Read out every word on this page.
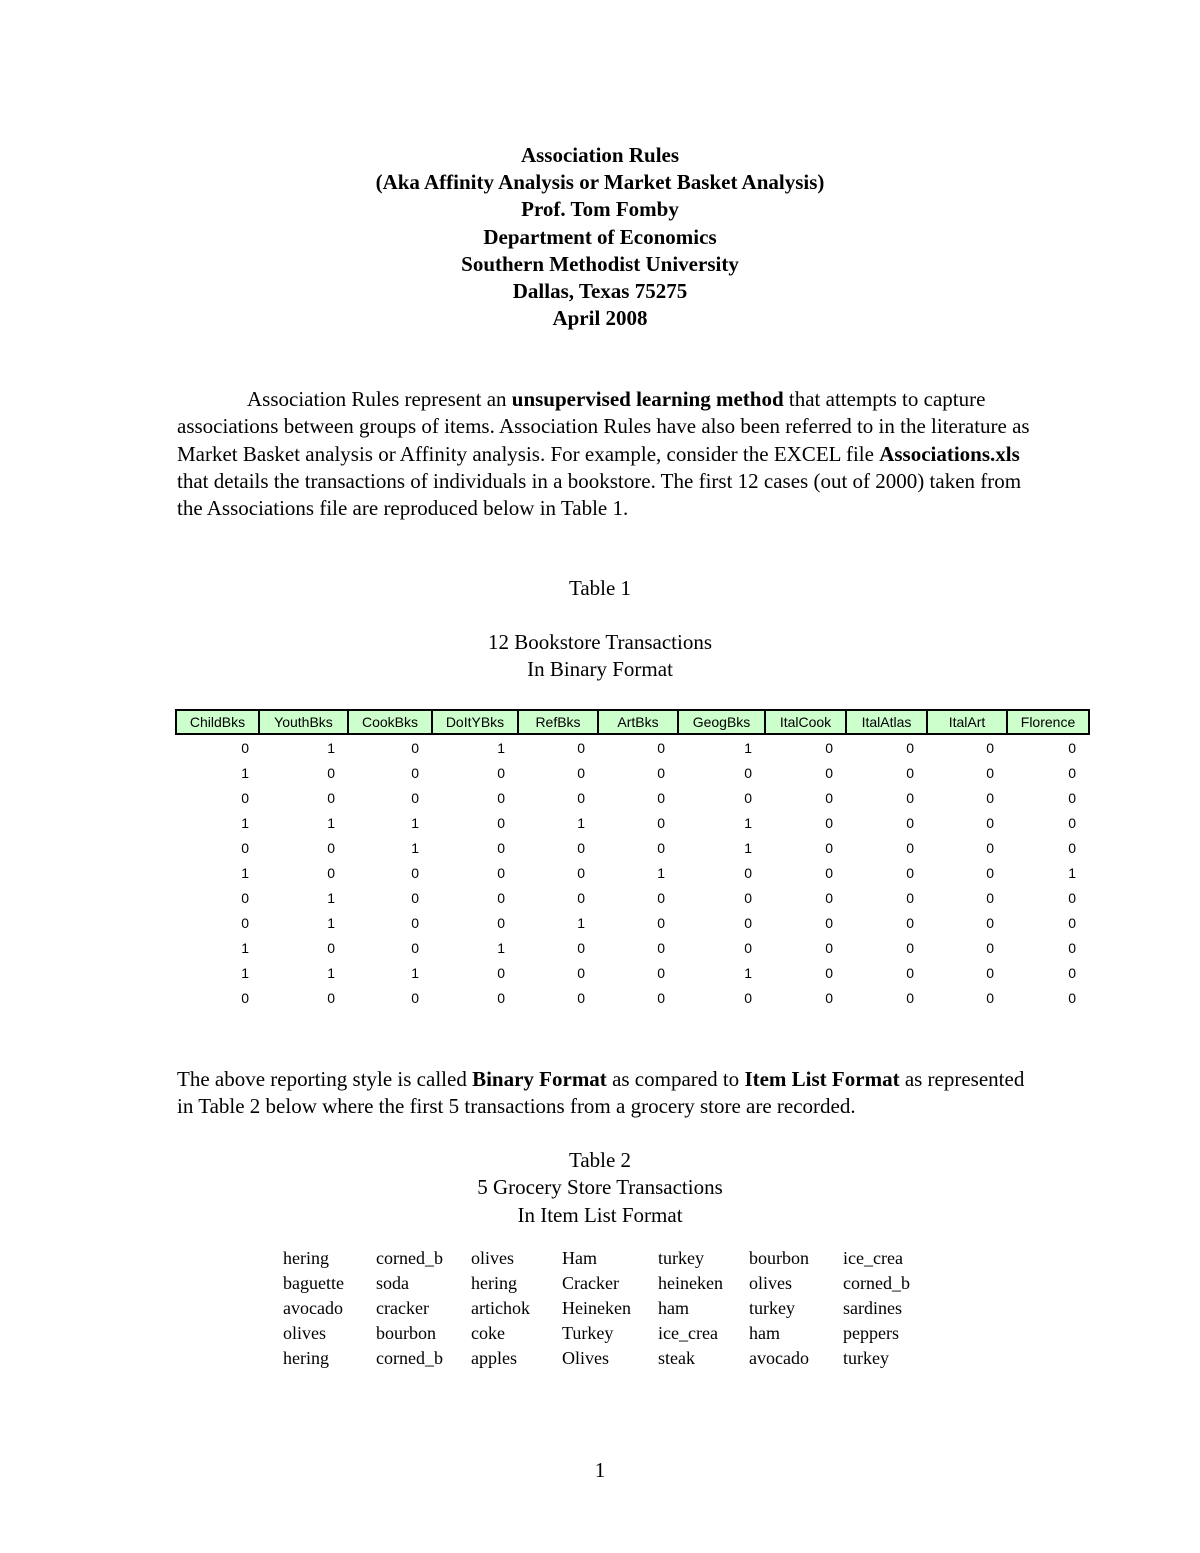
Association Rules
(Aka Affinity Analysis or Market Basket Analysis)
Prof. Tom Fomby
Department of Economics
Southern Methodist University
Dallas, Texas 75275
April 2008
Association Rules represent an unsupervised learning method that attempts to capture associations between groups of items. Association Rules have also been referred to in the literature as Market Basket analysis or Affinity analysis. For example, consider the EXCEL file Associations.xls that details the transactions of individuals in a bookstore. The first 12 cases (out of 2000) taken from the Associations file are reproduced below in Table 1.
Table 1
12 Bookstore Transactions
In Binary Format
ChildBks	YouthBks	CookBks	DoItYBks	RefBks	ArtBks	GeogBks	ItalCook	ItalAtlas	ItalArt	Florence
0	1	0	1	0	0	1	0	0	0	0
1	0	0	0	0	0	0	0	0	0	0
0	0	0	0	0	0	0	0	0	0	0
1	1	1	0	1	0	1	0	0	0	0
0	0	1	0	0	0	1	0	0	0	0
1	0	0	0	0	1	0	0	0	0	1
0	1	0	0	0	0	0	0	0	0	0
0	1	0	0	1	0	0	0	0	0	0
1	0	0	1	0	0	0	0	0	0	0
1	1	1	0	0	0	1	0	0	0	0
0	0	0	0	0	0	0	0	0	0	0
The above reporting style is called Binary Format as compared to Item List Format as represented in Table 2 below where the first 5 transactions from a grocery store are recorded.
Table 2
5 Grocery Store Transactions
In Item List Format
hering	corned_b	olives	Ham	turkey	bourbon	ice_crea
baguette	soda	hering	Cracker	heineken	olives	corned_b
avocado	cracker	artichok	Heineken	ham	turkey	sardines
olives	bourbon	coke	Turkey	ice_crea	ham	peppers
hering	corned_b	apples	Olives	steak	avocado	turkey
1
